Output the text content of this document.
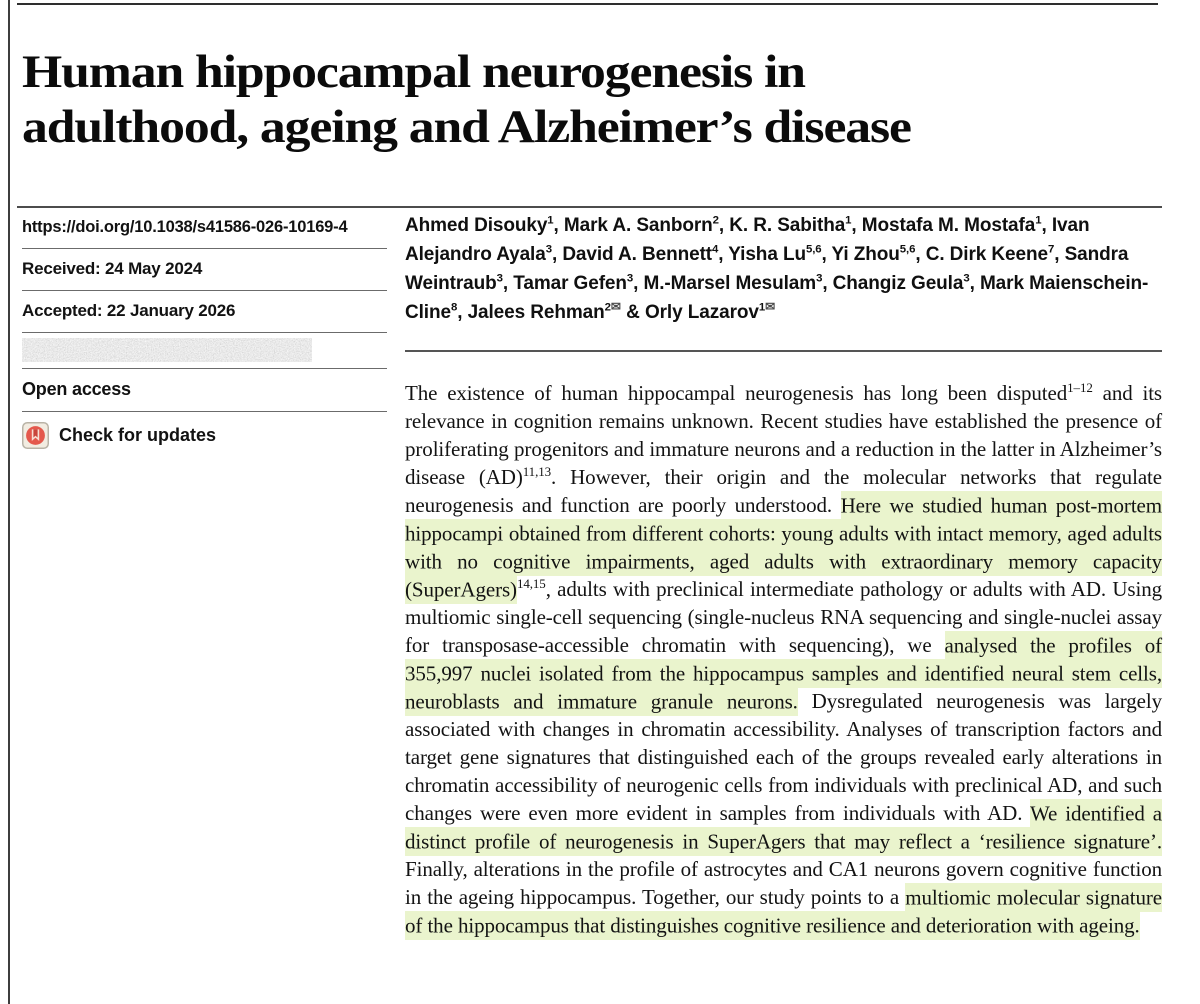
Human hippocampal neurogenesis in
adulthood, ageing and Alzheimer’s disease
https://doi.org/10.1038/s41586-026-10169-4
Received: 24 May 2024
Accepted: 22 January 2026
Open access
Check for updates
Ahmed Disouky$^1$, Mark A. Sanborn$^2$, K. R. Sabitha$^1$, Mostafa M. Mostafa$^1$, Ivan Alejandro Ayala$^3$, David A. Bennett$^4$, Yisha Lu$^{5,6}$, Yi Zhou$^{5,6}$, C. Dirk Keene$^7$, Sandra Weintraub$^3$, Tamar Gefen$^3$, M.-Marsel Mesulam$^3$, Changiz Geula$^3$, Mark Maienschein-Cline$^8$, Jalees Rehman$^{2✉}$ & Orly Lazarov$^{1✉}$

The existence of human hippocampal neurogenesis has long been disputed$^{1-12}$ and its relevance in cognition remains unknown. Recent studies have established the presence of proliferating progenitors and immature neurons and a reduction in the latter in Alzheimer’s disease (AD)$^{11,13}$. However, their origin and the molecular networks that regulate neurogenesis and function are poorly understood. Here we studied human post-mortem hippocampi obtained from different cohorts: young adults with intact memory, aged adults with no cognitive impairments, aged adults with extraordinary memory capacity (SuperAgers)$^{14,15}$, adults with preclinical intermediate pathology or adults with AD. Using multiomic single-cell sequencing (single-nucleus RNA sequencing and single-nuclei assay for transposase-accessible chromatin with sequencing), we analysed the profiles of 355,997 nuclei isolated from the hippocampus samples and identified neural stem cells, neuroblasts and immature granule neurons. Dysregulated neurogenesis was largely associated with changes in chromatin accessibility. Analyses of transcription factors and target gene signatures that distinguished each of the groups revealed early alterations in chromatin accessibility of neurogenic cells from individuals with preclinical AD, and such changes were even more evident in samples from individuals with AD. We identified a distinct profile of neurogenesis in SuperAgers that may reflect a ‘resilience signature’. Finally, alterations in the profile of astrocytes and CA1 neurons govern cognitive function in the ageing hippocampus. Together, our study points to a multiomic molecular signature of the hippocampus that distinguishes cognitive resilience and deterioration with ageing.
